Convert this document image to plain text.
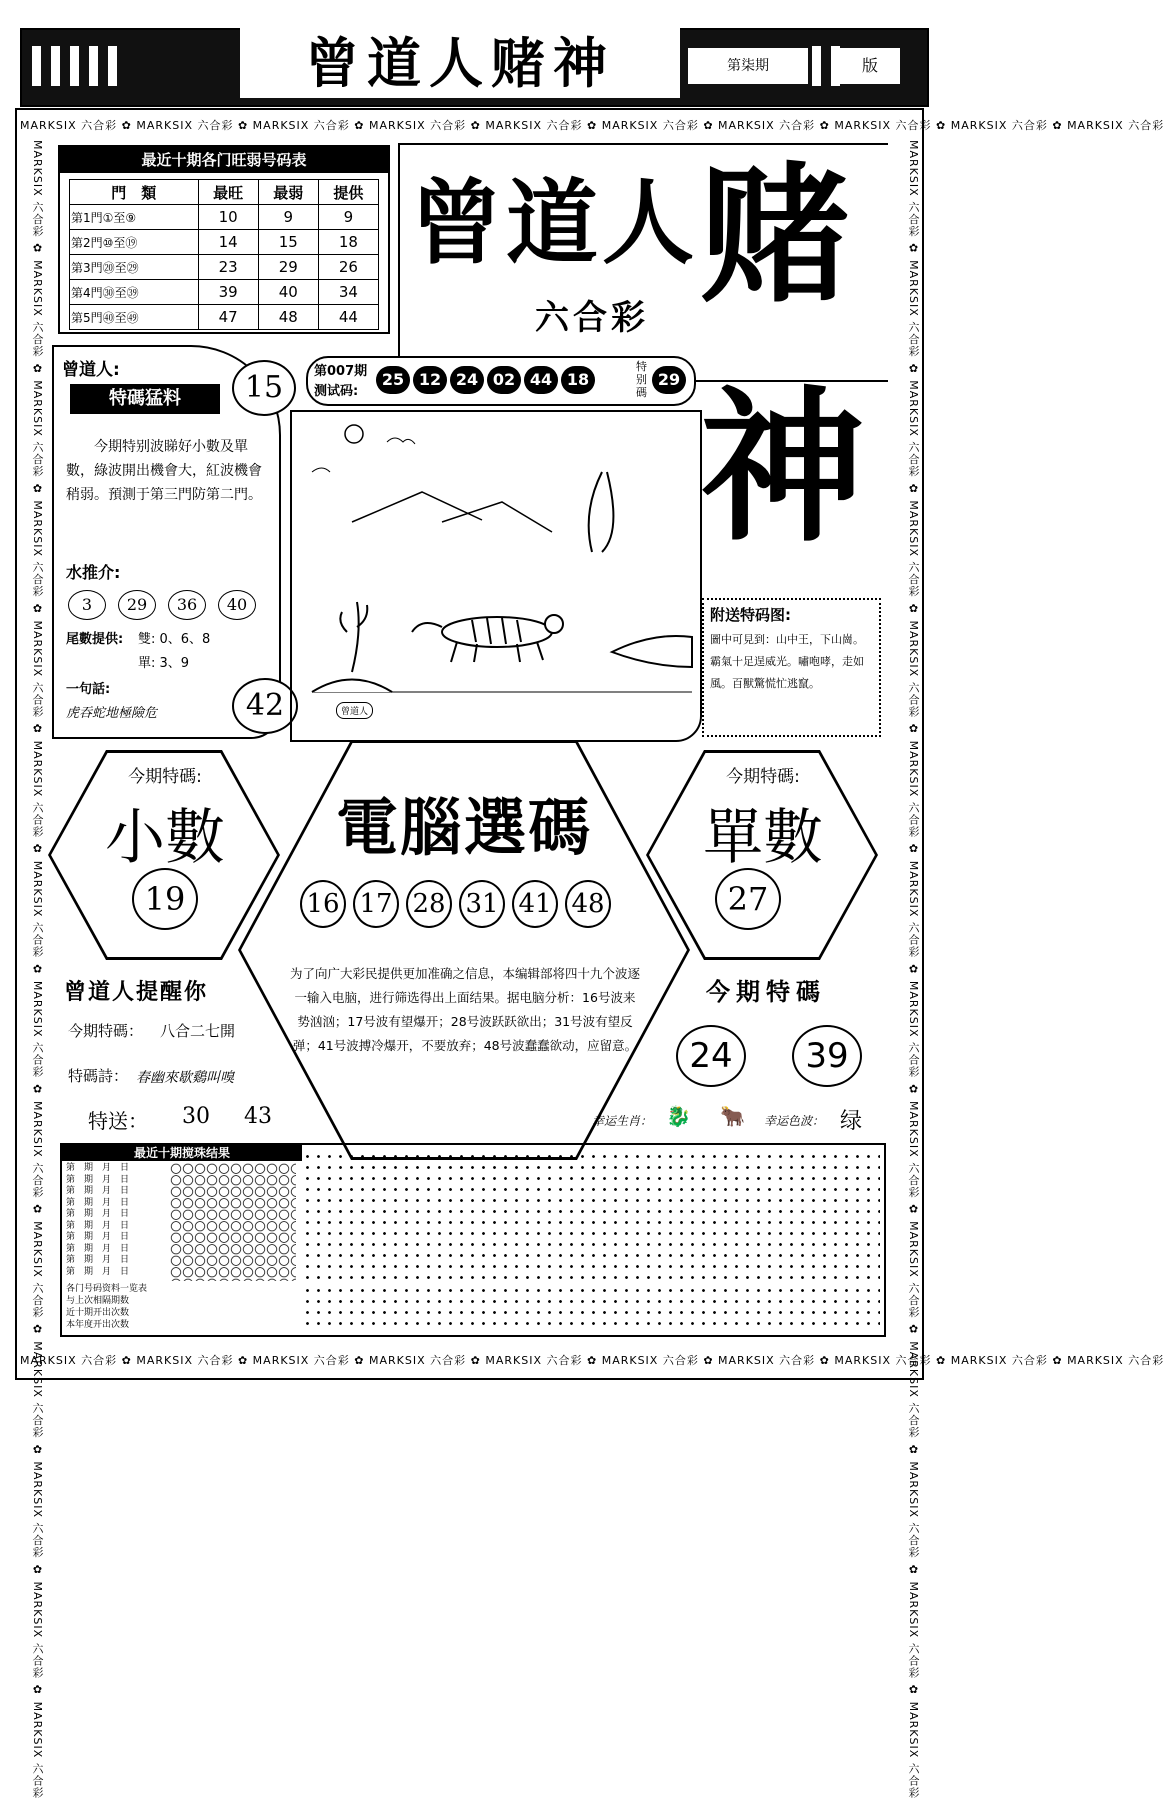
曾道人赌神	第柒期	版
MARKSIX 六合彩 ✿ MARKSIX 六合彩 ✿ MARKSIX 六合彩 ✿ MARKSIX 六合彩 ✿ MARKSIX 六合彩 ✿ MARKSIX 六合彩 ✿ MARKSIX 六合彩 ✿ MARKSIX 六合彩 ✿ MARKSIX 六合彩 ✿ MARKSIX 六合彩
MARKSIX 六合彩 ✿ MARKSIX 六合彩 ✿ MARKSIX 六合彩 ✿ MARKSIX 六合彩 ✿ MARKSIX 六合彩 ✿ MARKSIX 六合彩 ✿ MARKSIX 六合彩 ✿ MARKSIX 六合彩 ✿ MARKSIX 六合彩 ✿ MARKSIX 六合彩
MARKSIX 六合彩 ✿ MARKSIX 六合彩 ✿ MARKSIX 六合彩 ✿ MARKSIX 六合彩 ✿ MARKSIX 六合彩 ✿ MARKSIX 六合彩 ✿ MARKSIX 六合彩 ✿ MARKSIX 六合彩 ✿ MARKSIX 六合彩 ✿ MARKSIX 六合彩 ✿ MARKSIX 六合彩 ✿ MARKSIX 六合彩 ✿ MARKSIX 六合彩 ✿ MARKSIX 六合彩	MARKSIX 六合彩 ✿ MARKSIX 六合彩 ✿ MARKSIX 六合彩 ✿ MARKSIX 六合彩 ✿ MARKSIX 六合彩 ✿ MARKSIX 六合彩 ✿ MARKSIX 六合彩 ✿ MARKSIX 六合彩 ✿ MARKSIX 六合彩 ✿ MARKSIX 六合彩 ✿ MARKSIX 六合彩 ✿ MARKSIX 六合彩 ✿ MARKSIX 六合彩 ✿ MARKSIX 六合彩
最近十期各门旺弱号码表
門　類	最旺	最弱	提供
第1門①至⑨	10	9	9
第2門⑩至⑲	14	15	18
第3門⑳至㉙	23	29	26
第4門㉚至㊴	39	40	34
第5門㊵至㊾	47	48	44
曾道人
六合彩 赌
神
第007期
测试码:
25 12 24 02 44 18
特别碼
29
曾道人:
特碼猛料	15
今期特别波睇好小數及單數，綠波開出機會大，紅波機會稍弱。預測于第三門防第二門。
水推介:
3 29 36 40
尾數提供: 雙: 0、6、8
單: 3、9
一句話:
虎吞蛇地極險危	42	曾道人
附送特码图:
圖中可見到：山中王，下山崗。霸氣十足逞威光。嘯咆哮，走如風。百獸驚慌忙逃竄。
今期特碼:
小數
19
電腦選碼
16 17 28 31 41 48
为了向广大彩民提供更加准确之信息，本编辑部将四十九个波逐一输入电脑，进行筛选得出上面结果。据电脑分析：16号波来势汹汹；17号波有望爆开；28号波跃跃欲出；31号波有望反弹；41号波搏冷爆开，不要放弃；48号波蠢蠢欲动，应留意。
今期特碼:
單數
27
曾道人提醒你
今期特碼： 八合二七開
特碼詩： 春幽來歇鷄叫嗅
特送： 30 43
今期特碼
24	39
幸运生肖： 🐉 🐂 幸运色波： 绿
最近十期搅珠结果
第　期　月　日
第　期　月　日
第　期　月　日
第　期　月　日
第　期　月　日
第　期　月　日
第　期　月　日
第　期　月　日
第　期　月　日
第　期　月　日
各门号码资料一览表
与上次相隔期数
近十期开出次数
本年度开出次数
